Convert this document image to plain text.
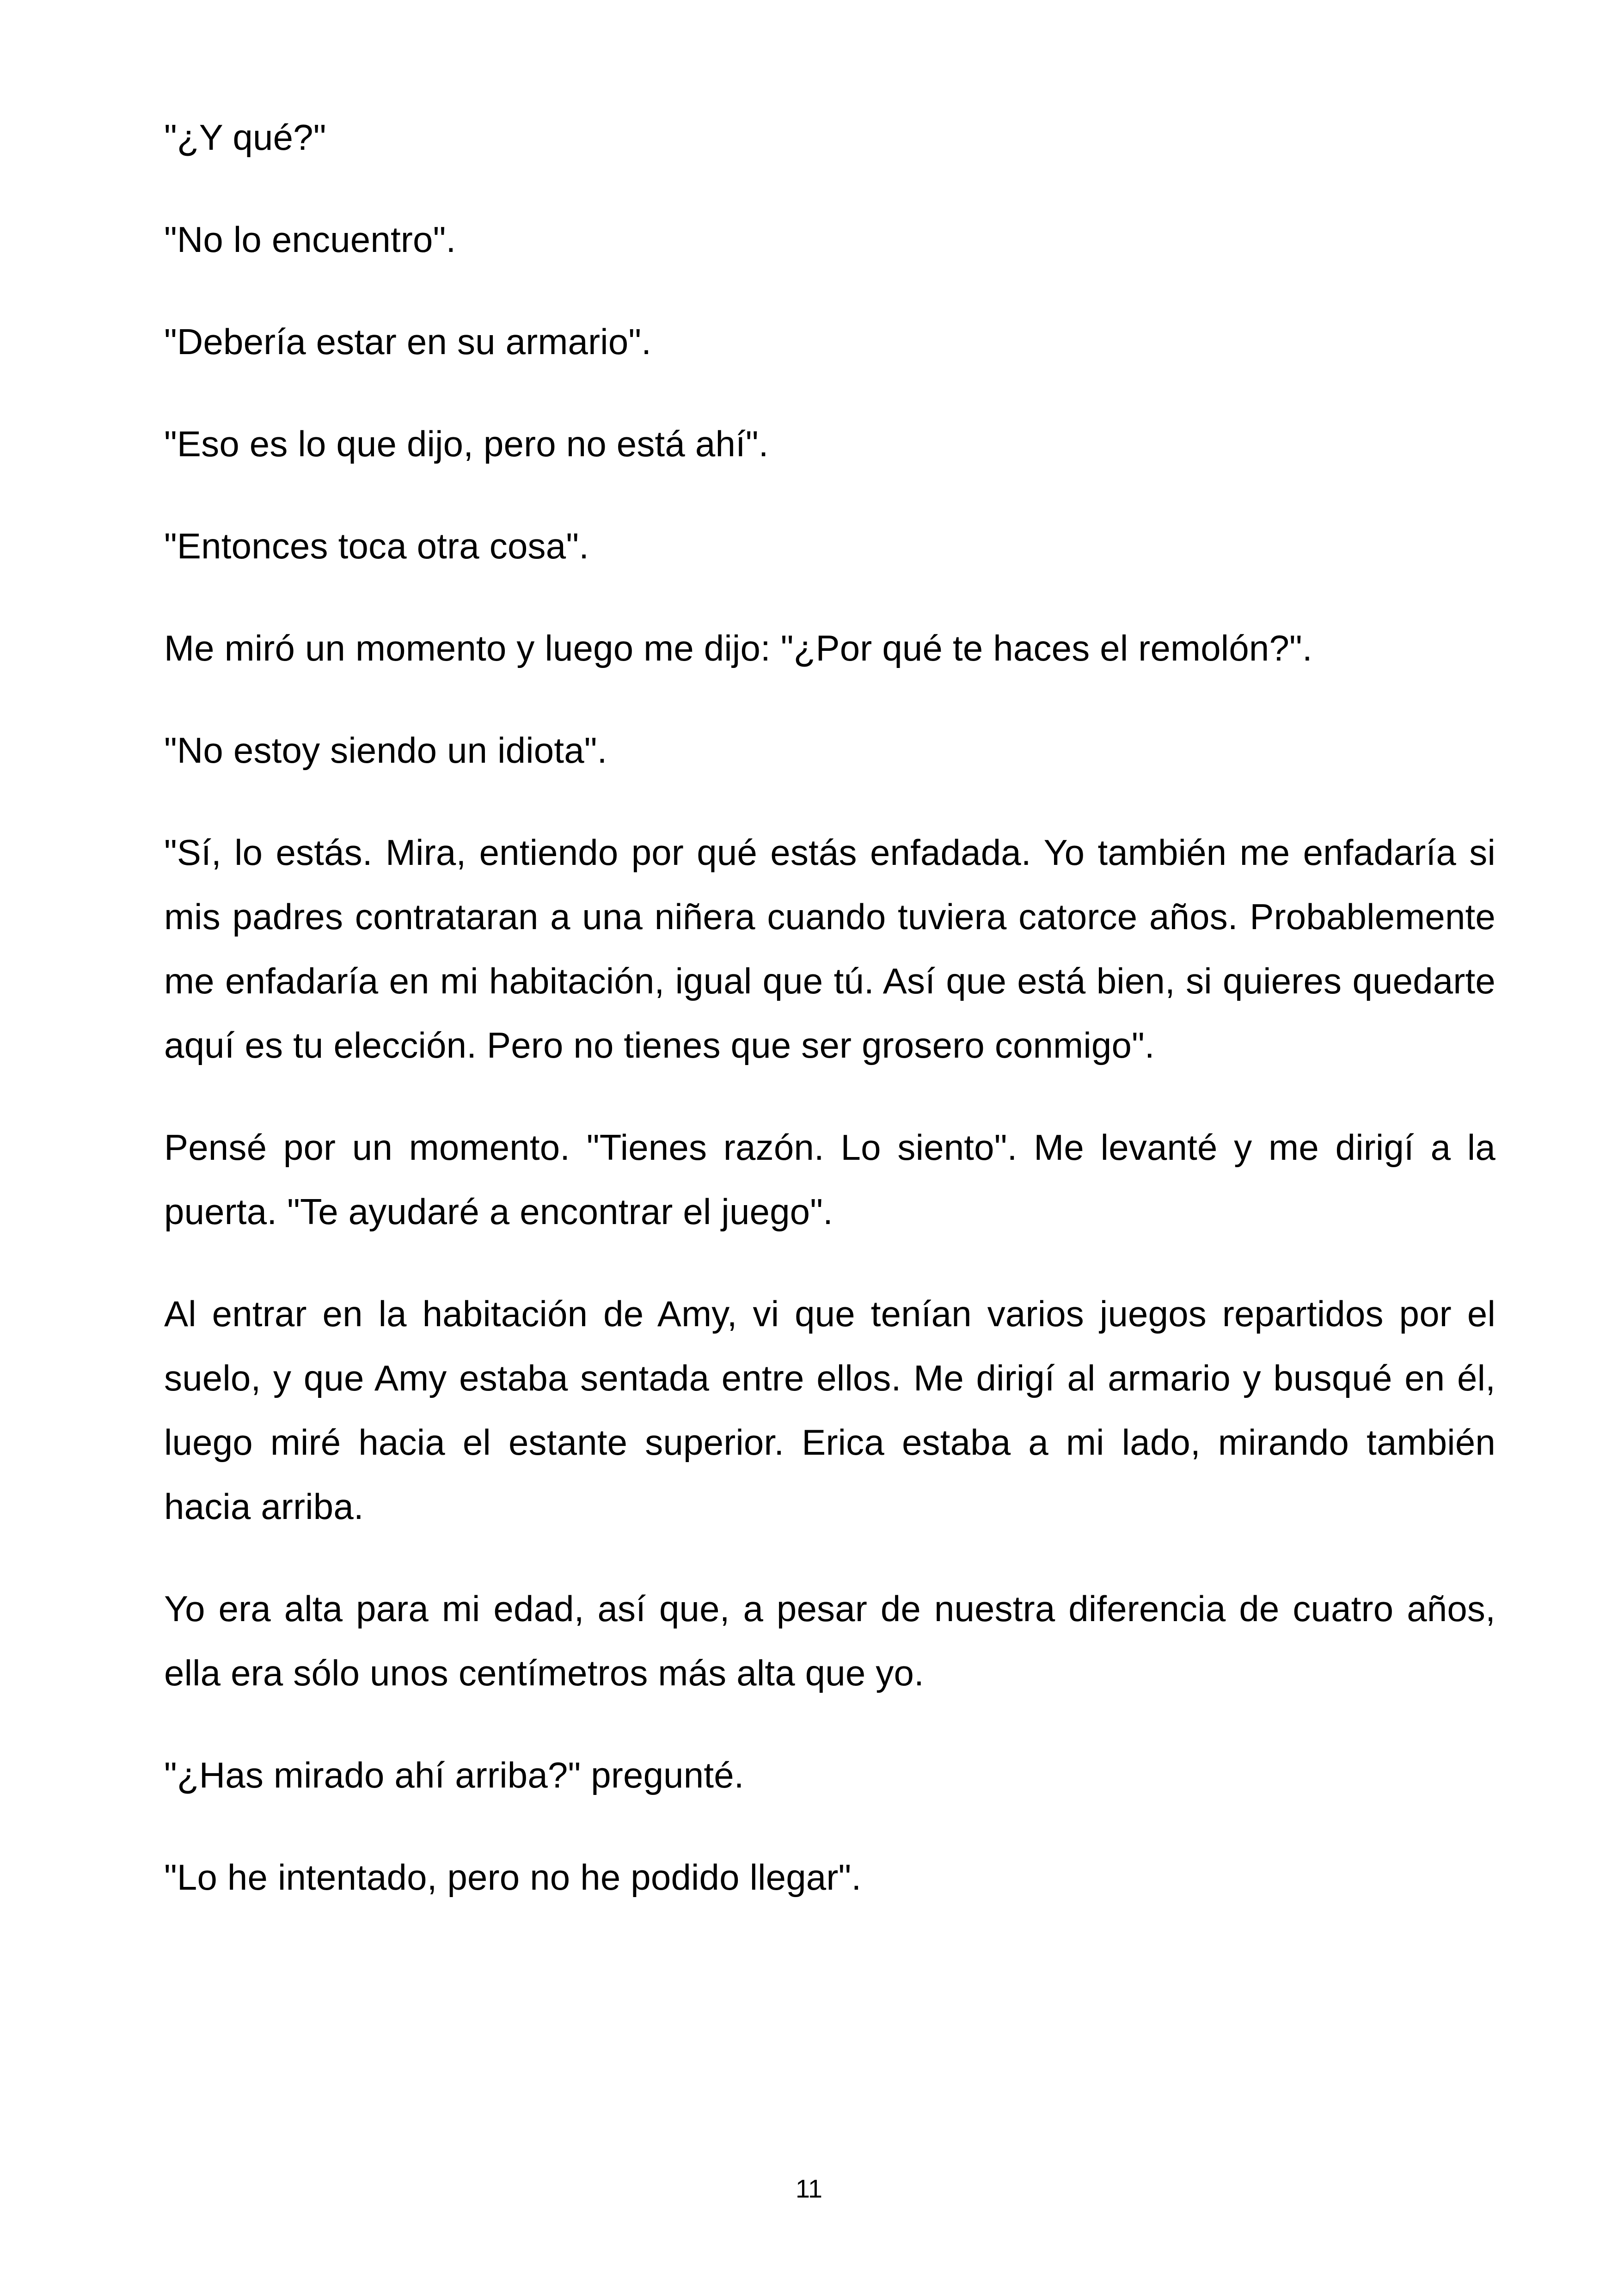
"¿Y qué?"

"No lo encuentro".

"Debería estar en su armario".

"Eso es lo que dijo, pero no está ahí".

"Entonces toca otra cosa".

Me miró un momento y luego me dijo: "¿Por qué te haces el remolón?".

"No estoy siendo un idiota".

"Sí, lo estás. Mira, entiendo por qué estás enfadada. Yo también me enfadaría si mis padres contrataran a una niñera cuando tuviera catorce años. Probablemente me enfadaría en mi habitación, igual que tú. Así que está bien, si quieres quedarte aquí es tu elección. Pero no tienes que ser grosero conmigo".

Pensé por un momento. "Tienes razón. Lo siento". Me levanté y me dirigí a la puerta. "Te ayudaré a encontrar el juego".

Al entrar en la habitación de Amy, vi que tenían varios juegos repartidos por el suelo, y que Amy estaba sentada entre ellos. Me dirigí al armario y busqué en él, luego miré hacia el estante superior. Erica estaba a mi lado, mirando también hacia arriba.

Yo era alta para mi edad, así que, a pesar de nuestra diferencia de cuatro años, ella era sólo unos centímetros más alta que yo.

"¿Has mirado ahí arriba?" pregunté.

"Lo he intentado, pero no he podido llegar".

11
